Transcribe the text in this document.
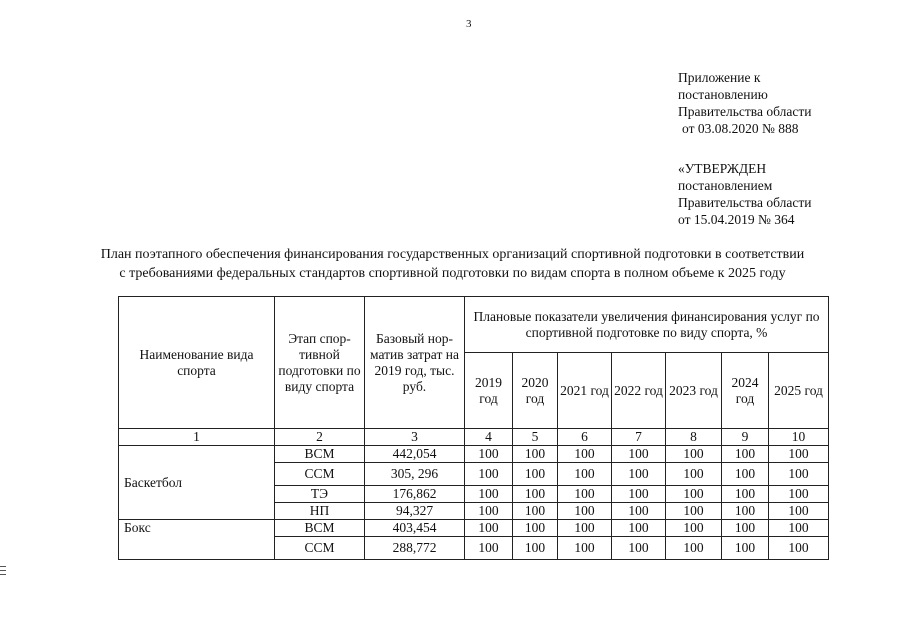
3
Приложение к
постановлению
Правительства области
от 03.08.2020 № 888
«УТВЕРЖДЕН
постановлением
Правительства области
от 15.04.2019 № 364
План поэтапного обеспечения финансирования государственных организаций спортивной подготовки в соответствии
с требованиями федеральных стандартов спортивной подготовки по видам спорта в полном объеме к 2025 году
Наименование вида спорта	Этап спор-тивной подготовки по виду спорта	Базовый нор-матив затрат на 2019 год, тыс. руб.	Плановые показатели увеличения финансирования услуг по спортивной подготовке по виду спорта, %						
			2019 год	2020 год	2021 год	2022 год	2023 год	2024 год	2025 год
1	2	3	4	5	6	7	8	9	10
Баскетбол	ВСМ	442,054	100	100	100	100	100	100	100
	ССМ	305, 296	100	100	100	100	100	100	100
	ТЭ	176,862	100	100	100	100	100	100	100
	НП	94,327	100	100	100	100	100	100	100
Бокс	ВСМ	403,454	100	100	100	100	100	100	100
	ССМ	288,772	100	100	100	100	100	100	100
